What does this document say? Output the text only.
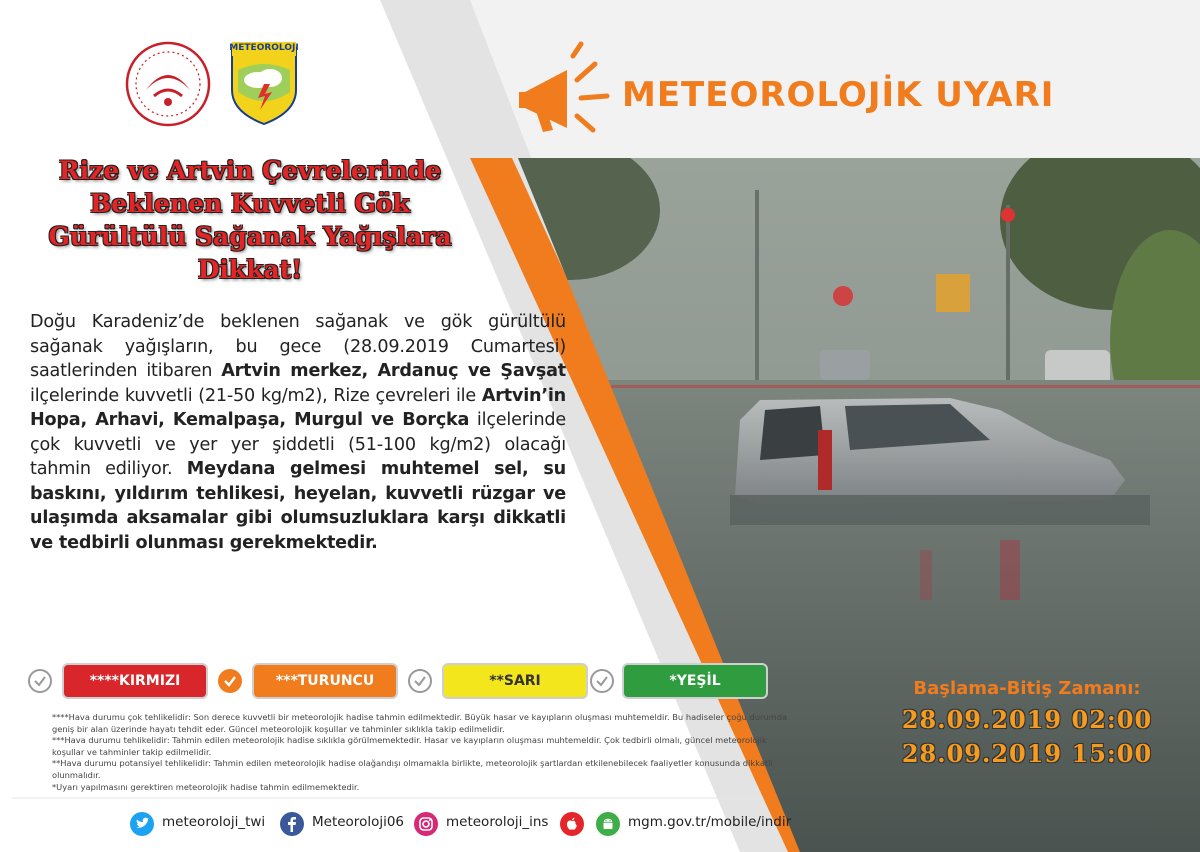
METEOROLOJI
METEOROLOJİK UYARI
Rize ve Artvin Çevrelerinde Beklenen Kuvvetli Gök Gürültülü Sağanak Yağışlara Dikkat!
Doğu Karadeniz’de beklenen sağanak ve gök gürültülü sağanak yağışların, bu gece (28.09.2019 Cumartesi) saatlerinden itibaren Artvin merkez, Ardanuç ve Şavşat ilçelerinde kuvvetli (21-50 kg/m2), Rize çevreleri ile Artvin’in Hopa, Arhavi, Kemalpaşa, Murgul ve Borçka ilçelerinde çok kuvvetli ve yer yer şiddetli (51-100 kg/m2) olacağı tahmin ediliyor. Meydana gelmesi muhtemel sel, su baskını, yıldırım tehlikesi, heyelan, kuvvetli rüzgar ve ulaşımda aksamalar gibi olumsuzluklara karşı dikkatli ve tedbirli olunması gerekmektedir.
****KIRMIZI	***TURUNCU	**SARI	*YEŞİL

****Hava durumu çok tehlikelidir: Son derece kuvvetli bir meteorolojik hadise tahmin edilmektedir. Büyük hasar ve kayıpların oluşması muhtemeldir. Bu hadiseler çoğu durumda geniş bir alan üzerinde hayatı tehdit eder. Güncel meteorolojik koşullar ve tahminler sıklıkla takip edilmelidir.

***Hava durumu tehlikelidir: Tahmin edilen meteorolojik hadise sıklıkla görülmemektedir. Hasar ve kayıpların oluşması muhtemeldir. Çok tedbirli olmalı, güncel meteorolojik koşullar ve tahminler takip edilmelidir.

**Hava durumu potansiyel tehlikelidir: Tahmin edilen meteorolojik hadise olağandışı olmamakla birlikte, meteorolojik şartlardan etkilenebilecek faaliyetler konusunda dikkatli olunmalıdır.

*Uyarı yapılmasını gerektiren meteorolojik hadise tahmin edilmemektedir.

Başlama-Bitiş Zamanı:
28.09.2019 02:00
28.09.2019 15:00
meteoroloji_twi	Meteoroloji06	meteoroloji_ins	mgm.gov.tr/mobile/indir
